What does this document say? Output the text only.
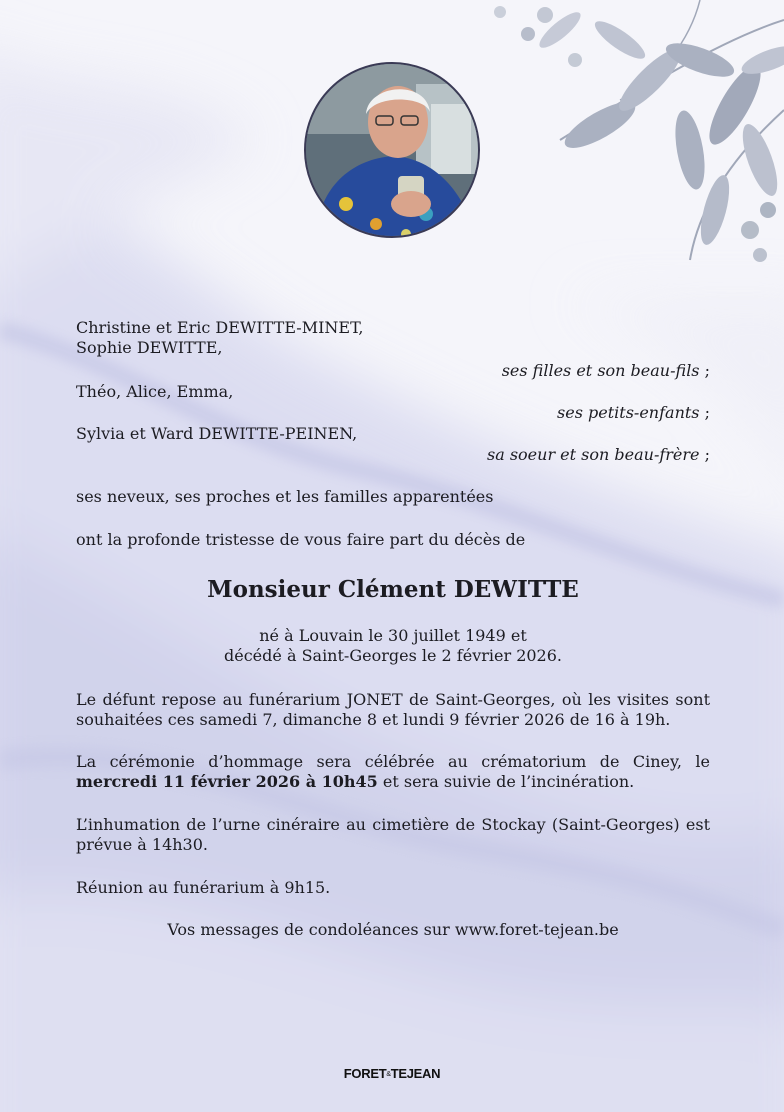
Christine et Eric DEWITTE-MINET,
Sophie DEWITTE,
ses filles et son beau-fils ;
Théo, Alice, Emma,
ses petits-enfants ;
Sylvia et Ward DEWITTE-PEINEN,
sa soeur et son beau-frère ;
ses neveux, ses proches et les familles apparentées
ont la profonde tristesse de vous faire part du décès de
Monsieur Clément DEWITTE
né à Louvain le 30 juillet 1949 et
décédé à Saint-Georges le 2 février 2026.
Le défunt repose au funérarium JONET de Saint-Georges, où les visites sont souhaitées ces samedi 7, dimanche 8 et lundi 9 février 2026 de 16 à 19h.
La cérémonie d’hommage sera célébrée au crématorium de Ciney, le mercredi 11 février 2026 à 10h45 et sera suivie de l’incinération.
L’inhumation de l’urne cinéraire au cimetière de Stockay (Saint-Georges) est prévue à 14h30.
Réunion au funérarium à 9h15.
Vos messages de condoléances sur www.foret-tejean.be
FORET&TEJEAN
